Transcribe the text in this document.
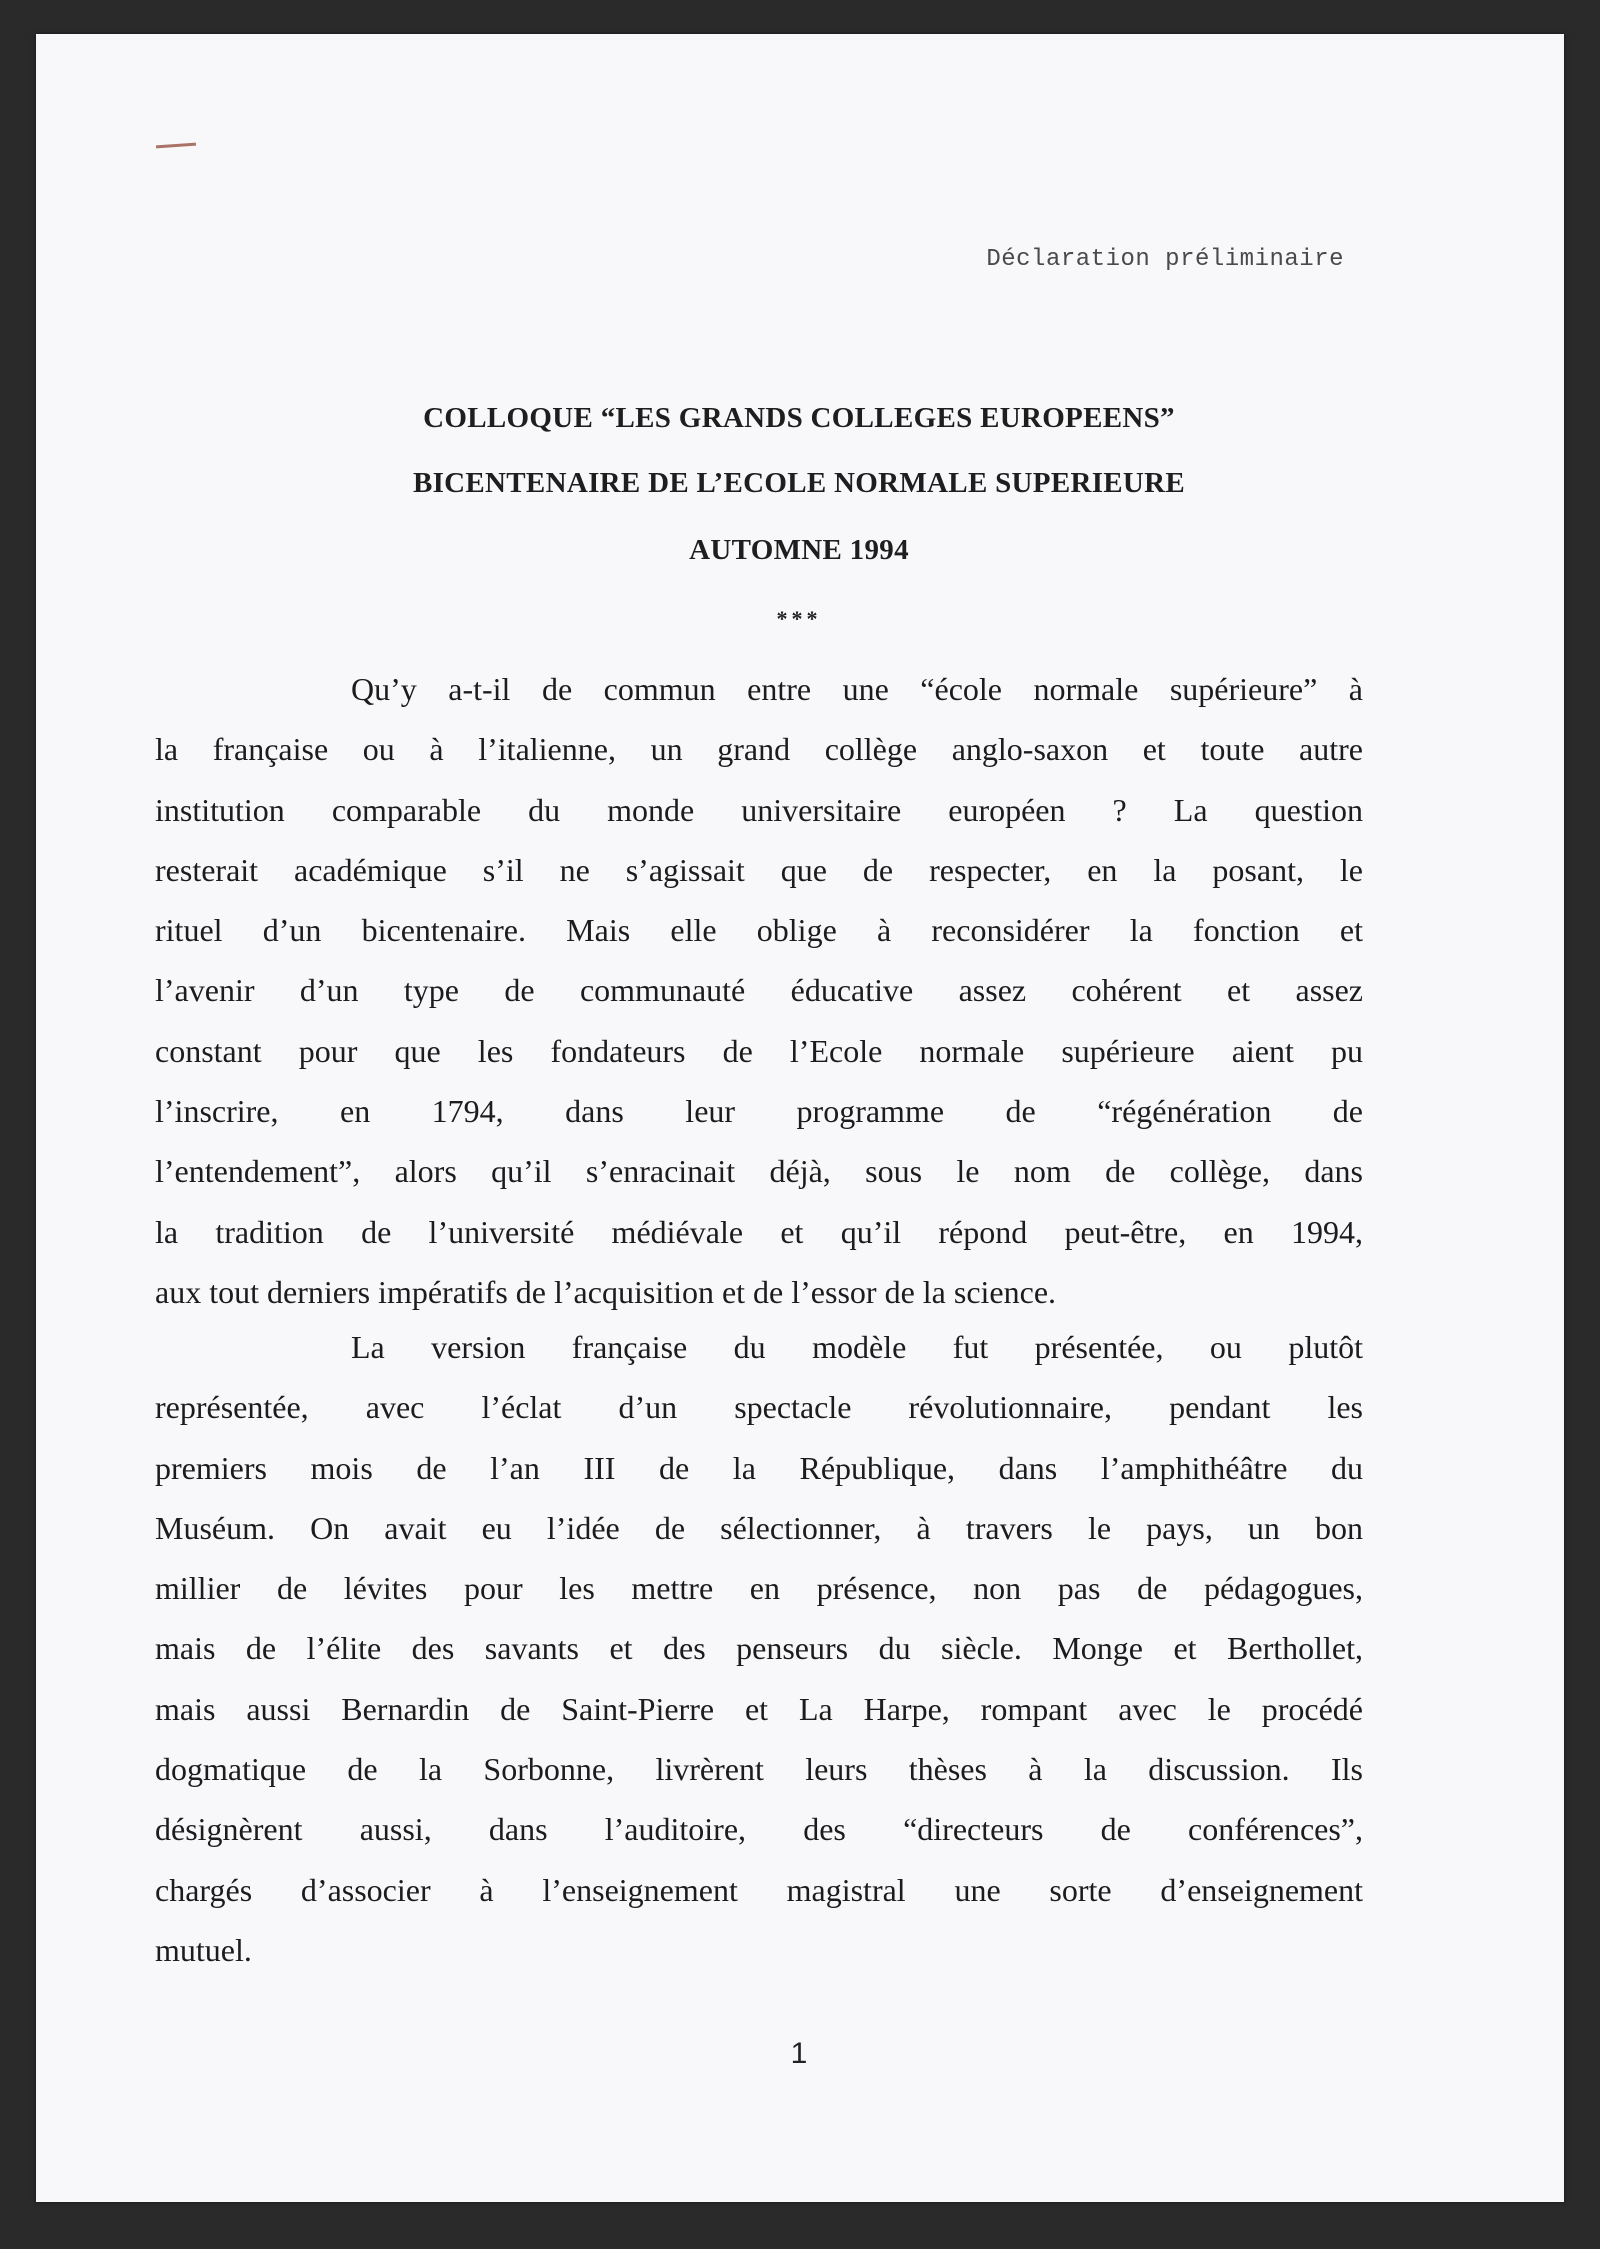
Déclaration préliminaire
COLLOQUE “LES GRANDS COLLEGES EUROPEENS”
BICENTENAIRE DE L’ECOLE NORMALE SUPERIEURE
AUTOMNE 1994
***
Qu’y a-t-il de commun entre une “école normale supérieure” à
la française ou à l’italienne, un grand collège anglo-saxon et toute autre
institution comparable du monde universitaire européen ? La question
resterait académique s’il ne s’agissait que de respecter, en la posant, le
rituel d’un bicentenaire. Mais elle oblige à reconsidérer la fonction et
l’avenir d’un type de communauté éducative assez cohérent et assez
constant pour que les fondateurs de l’Ecole normale supérieure aient pu
l’inscrire, en 1794, dans leur programme de “régénération de
l’entendement”, alors qu’il s’enracinait déjà, sous le nom de collège, dans
la tradition de l’université médiévale et qu’il répond peut-être, en 1994,
aux tout derniers impératifs de l’acquisition et de l’essor de la science.
La version française du modèle fut présentée, ou plutôt
représentée, avec l’éclat d’un spectacle révolutionnaire, pendant les
premiers mois de l’an III de la République, dans l’amphithéâtre du
Muséum. On avait eu l’idée de sélectionner, à travers le pays, un bon
millier de lévites pour les mettre en présence, non pas de pédagogues,
mais de l’élite des savants et des penseurs du siècle. Monge et Berthollet,
mais aussi Bernardin de Saint-Pierre et La Harpe, rompant avec le procédé
dogmatique de la Sorbonne, livrèrent leurs thèses à la discussion. Ils
désignèrent aussi, dans l’auditoire, des “directeurs de conférences”,
chargés d’associer à l’enseignement magistral une sorte d’enseignement
mutuel.
1
